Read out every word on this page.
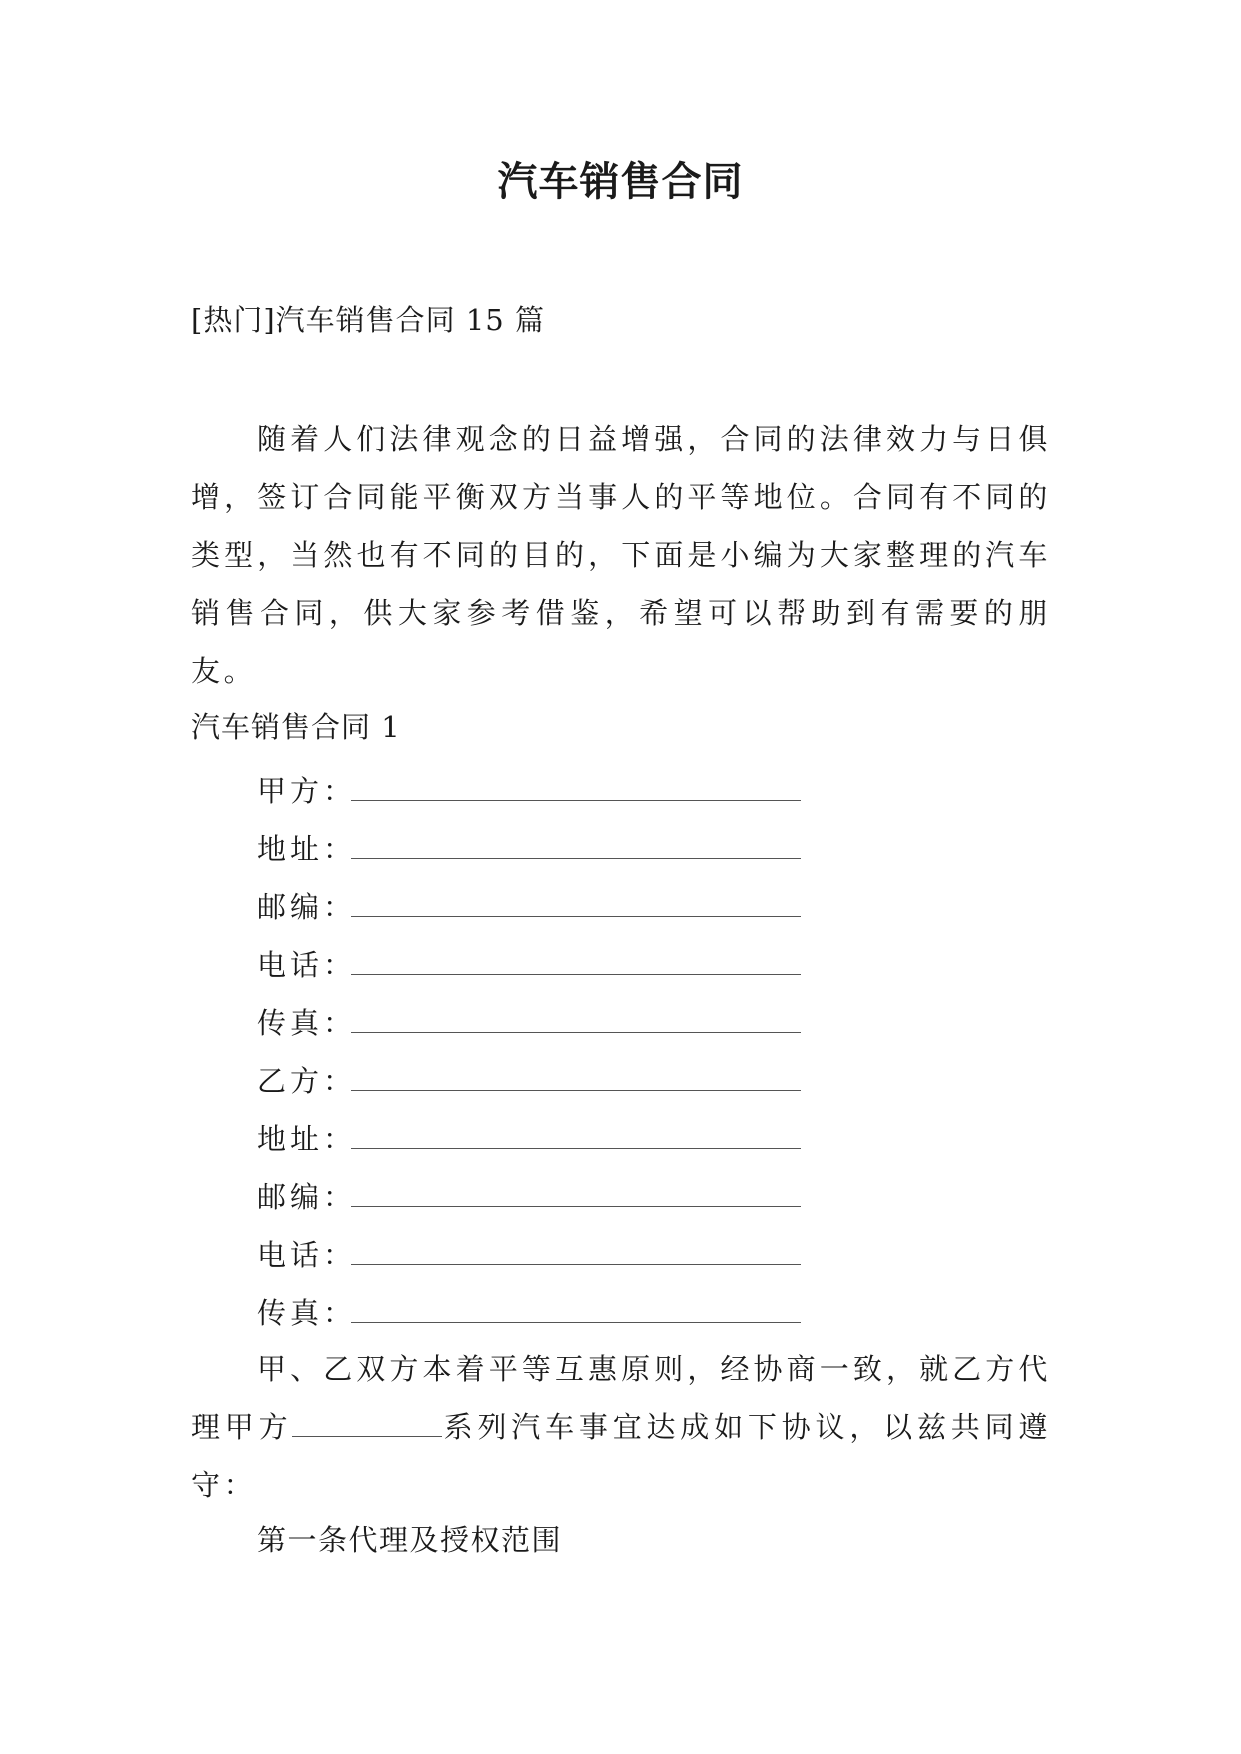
汽车销售合同
[热门]汽车销售合同 15 篇

随着人们法律观念的日益增强，合同的法律效力与日俱增，签订合同能平衡双方当事人的平等地位。合同有不同的类型，当然也有不同的目的，下面是小编为大家整理的汽车销售合同，供大家参考借鉴，希望可以帮助到有需要的朋友。

汽车销售合同 1
甲方：
地址：
邮编：
电话：
传真：
乙方：
地址：
邮编：
电话：
传真：

甲、乙双方本着平等互惠原则，经协商一致，就乙方代理甲方	系列汽车事宜达成如下协议，以兹共同遵守：

第一条代理及授权范围
